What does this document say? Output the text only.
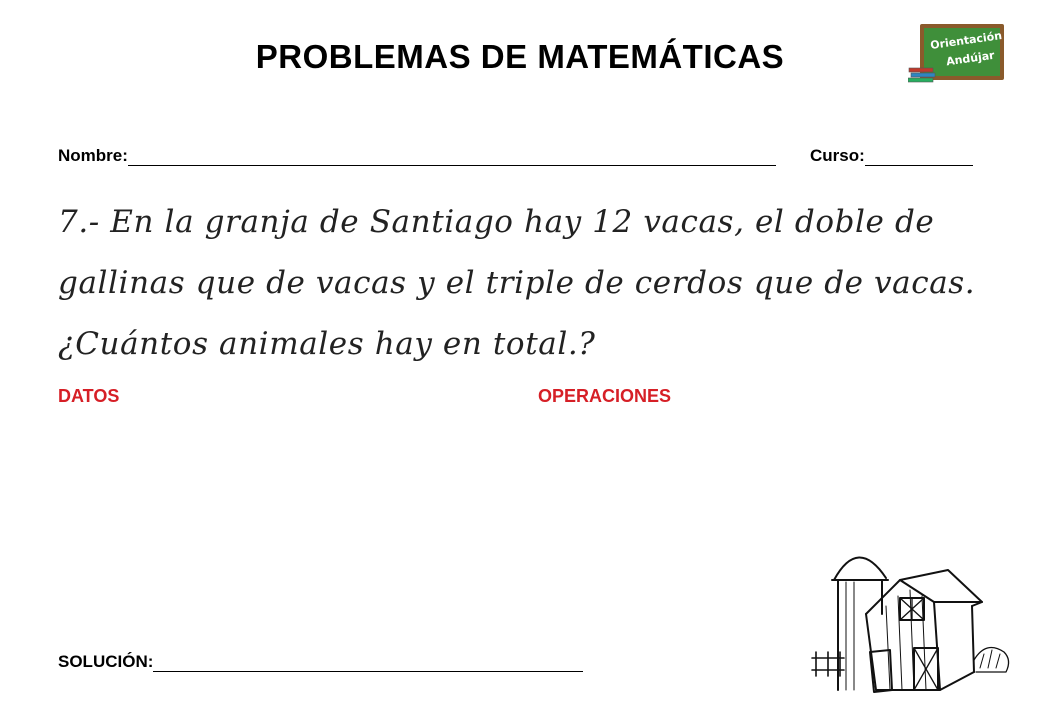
PROBLEMAS DE MATEMÁTICAS	Orientación
Andújar
Nombre:	Curso:
7.- En la granja de Santiago hay 12 vacas, el doble de
gallinas que de vacas y el triple de cerdos que de vacas.
¿Cuántos animales hay en total.?
DATOS	OPERACIONES
SOLUCIÓN:
